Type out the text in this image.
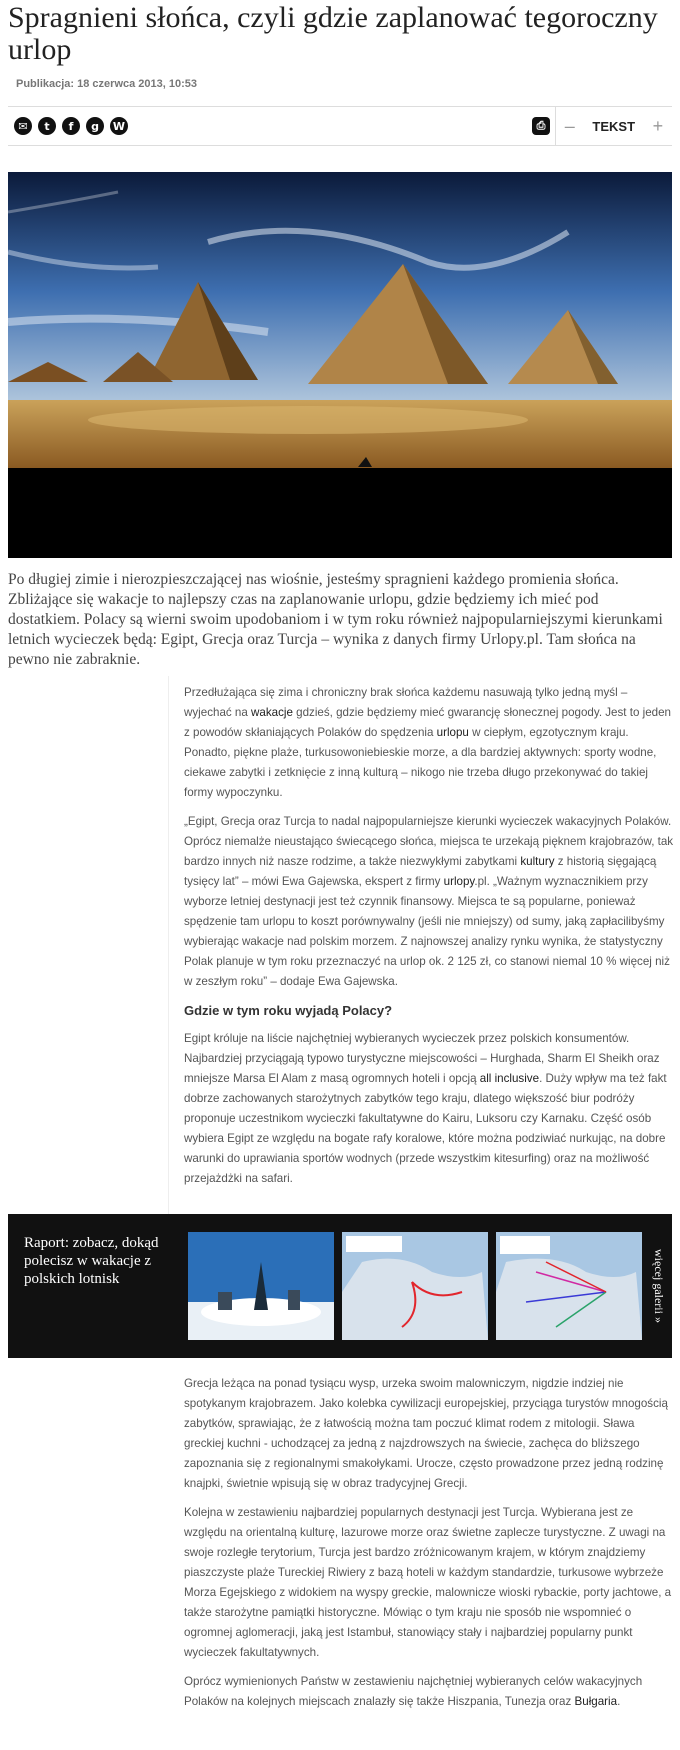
Spragnieni słońca, czyli gdzie zaplanować tegoroczny urlop
Publikacja: 18 czerwca 2013, 10:53
✉	t	f	g	W	⎙ – TEKST +
Po długiej zimie i nierozpieszczającej nas wiośnie, jesteśmy spragnieni każdego promienia słońca. Zbliżające się wakacje to najlepszy czas na zaplanowanie urlopu, gdzie będziemy ich mieć pod dostatkiem. Polacy są wierni swoim upodobaniom i w tym roku również najpopularniejszymi kierunkami letnich wycieczek będą: Egipt, Grecja oraz Turcja – wynika z danych firmy Urlopy.pl. Tam słońca na pewno nie zabraknie.

Przedłużająca się zima i chroniczny brak słońca każdemu nasuwają tylko jedną myśl – wyjechać na wakacje gdzieś, gdzie będziemy mieć gwarancję słonecznej pogody. Jest to jeden z powodów skłaniających Polaków do spędzenia urlopu w ciepłym, egzotycznym kraju. Ponadto, piękne plaże, turkusowoniebieskie morze, a dla bardziej aktywnych: sporty wodne, ciekawe zabytki i zetknięcie z inną kulturą – nikogo nie trzeba długo przekonywać do takiej formy wypoczynku.

„Egipt, Grecja oraz Turcja to nadal najpopularniejsze kierunki wycieczek wakacyjnych Polaków. Oprócz niemalże nieustająco świecącego słońca, miejsca te urzekają pięknem krajobrazów, tak bardzo innych niż nasze rodzime, a także niezwykłymi zabytkami kultury z historią sięgającą tysięcy lat” – mówi Ewa Gajewska, ekspert z firmy urlopy.pl. „Ważnym wyznacznikiem przy wyborze letniej destynacji jest też czynnik finansowy. Miejsca te są popularne, ponieważ spędzenie tam urlopu to koszt porównywalny (jeśli nie mniejszy) od sumy, jaką zapłacilibyśmy wybierając wakacje nad polskim morzem. Z najnowszej analizy rynku wynika, że statystyczny Polak planuje w tym roku przeznaczyć na urlop ok. 2 125 zł, co stanowi niemal 10 % więcej niż w zeszłym roku” – dodaje Ewa Gajewska.

Gdzie w tym roku wyjadą Polacy?

Egipt króluje na liście najchętniej wybieranych wycieczek przez polskich konsumentów. Najbardziej przyciągają typowo turystyczne miejscowości – Hurghada, Sharm El Sheikh oraz mniejsze Marsa El Alam z masą ogromnych hoteli i opcją all inclusive. Duży wpływ ma też fakt dobrze zachowanych starożytnych zabytków tego kraju, dlatego większość biur podróży proponuje uczestnikom wycieczki fakultatywne do Kairu, Luksoru czy Karnaku. Część osób wybiera Egipt ze względu na bogate rafy koralowe, które można podziwiać nurkując, na dobre warunki do uprawiania sportów wodnych (przede wszystkim kitesurfing) oraz na możliwość przejażdżki na safari.

Raport: zobacz, dokąd polecisz w wakacje z polskich lotnisk	więcej galerii »

Grecja leżąca na ponad tysiącu wysp, urzeka swoim malowniczym, nigdzie indziej nie spotykanym krajobrazem. Jako kolebka cywilizacji europejskiej, przyciąga turystów mnogością zabytków, sprawiając, że z łatwością można tam poczuć klimat rodem z mitologii. Sława greckiej kuchni - uchodzącej za jedną z najzdrowszych na świecie, zachęca do bliższego zapoznania się z regionalnymi smakołykami. Urocze, często prowadzone przez jedną rodzinę knajpki, świetnie wpisują się w obraz tradycyjnej Grecji.

Kolejna w zestawieniu najbardziej popularnych destynacji jest Turcja. Wybierana jest ze względu na orientalną kulturę, lazurowe morze oraz świetne zaplecze turystyczne. Z uwagi na swoje rozległe terytorium, Turcja jest bardzo zróżnicowanym krajem, w którym znajdziemy piaszczyste plaże Tureckiej Riwiery z bazą hoteli w każdym standardzie, turkusowe wybrzeże Morza Egejskiego z widokiem na wyspy greckie, malownicze wioski rybackie, porty jachtowe, a także starożytne pamiątki historyczne. Mówiąc o tym kraju nie sposób nie wspomnieć o ogromnej aglomeracji, jaką jest Istambuł, stanowiący stały i najbardziej popularny punkt wycieczek fakultatywnych.

Oprócz wymienionych Państw w zestawieniu najchętniej wybieranych celów wakacyjnych Polaków na kolejnych miejscach znalazły się także Hiszpania, Tunezja oraz Bułgaria.
